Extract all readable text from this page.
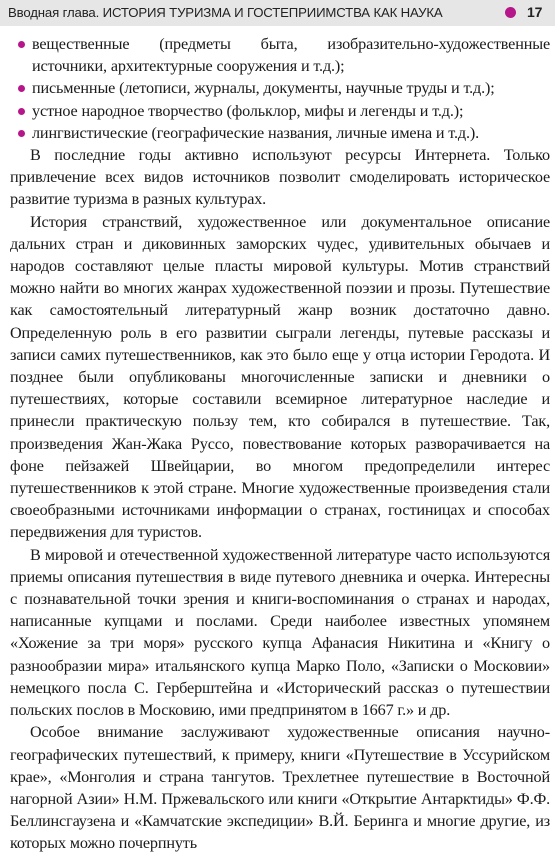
Вводная глава. ИСТОРИЯ ТУРИЗМА И ГОСТЕПРИИМСТВА КАК НАУКА	17
вещественные (предметы быта, изобразительно-художественные источники, архитектурные сооружения и т.д.);
письменные (летописи, журналы, документы, научные труды и т.д.);
устное народное творчество (фольклор, мифы и легенды и т.д.);
лингвистические (географические названия, личные имена и т.д.).

В последние годы активно используют ресурсы Интернета. Только привлечение всех видов источников позволит смоделировать историческое развитие туризма в разных культурах.

История странствий, художественное или документальное описание дальних стран и диковинных заморских чудес, удивительных обычаев и народов составляют целые пласты мировой культуры. Мотив странствий можно найти во многих жанрах художественной поэзии и прозы. Путешествие как самостоятельный литературный жанр возник достаточно давно. Определенную роль в его развитии сыграли легенды, путевые рассказы и записи самих путешественников, как это было еще у отца истории Геродота. И позднее были опубликованы многочисленные записки и дневники о путешествиях, которые составили всемирное литературное наследие и принесли практическую пользу тем, кто собирался в путешествие. Так, произведения Жан-Жака Руссо, повествование которых разворачивается на фоне пейзажей Швейцарии, во многом предопределили интерес путешественников к этой стране. Многие художественные произведения стали своеобразными источниками информации о странах, гостиницах и способах передвижения для туристов.

В мировой и отечественной художественной литературе часто используются приемы описания путешествия в виде путевого дневника и очерка. Интересны с познавательной точки зрения и книги-воспоминания о странах и народах, написанные купцами и послами. Среди наиболее известных упомянем «Хожение за три моря» русского купца Афанасия Никитина и «Книгу о разнообразии мира» итальянского купца Марко Поло, «Записки о Московии» немецкого посла С. Герберштейна и «Исторический рассказ о путешествии польских послов в Московию, ими предпринятом в 1667 г.» и др.

Особое внимание заслуживают художественные описания научно-географических путешествий, к примеру, книги «Путешествие в Уссурийском крае», «Монголия и страна тангутов. Трехлетнее путешествие в Восточной нагорной Азии» Н.М. Пржевальского или книги «Открытие Антарктиды» Ф.Ф. Беллинсгаузена и «Камчатские экспедиции» В.Й. Беринга и многие другие, из которых можно почерпнуть
